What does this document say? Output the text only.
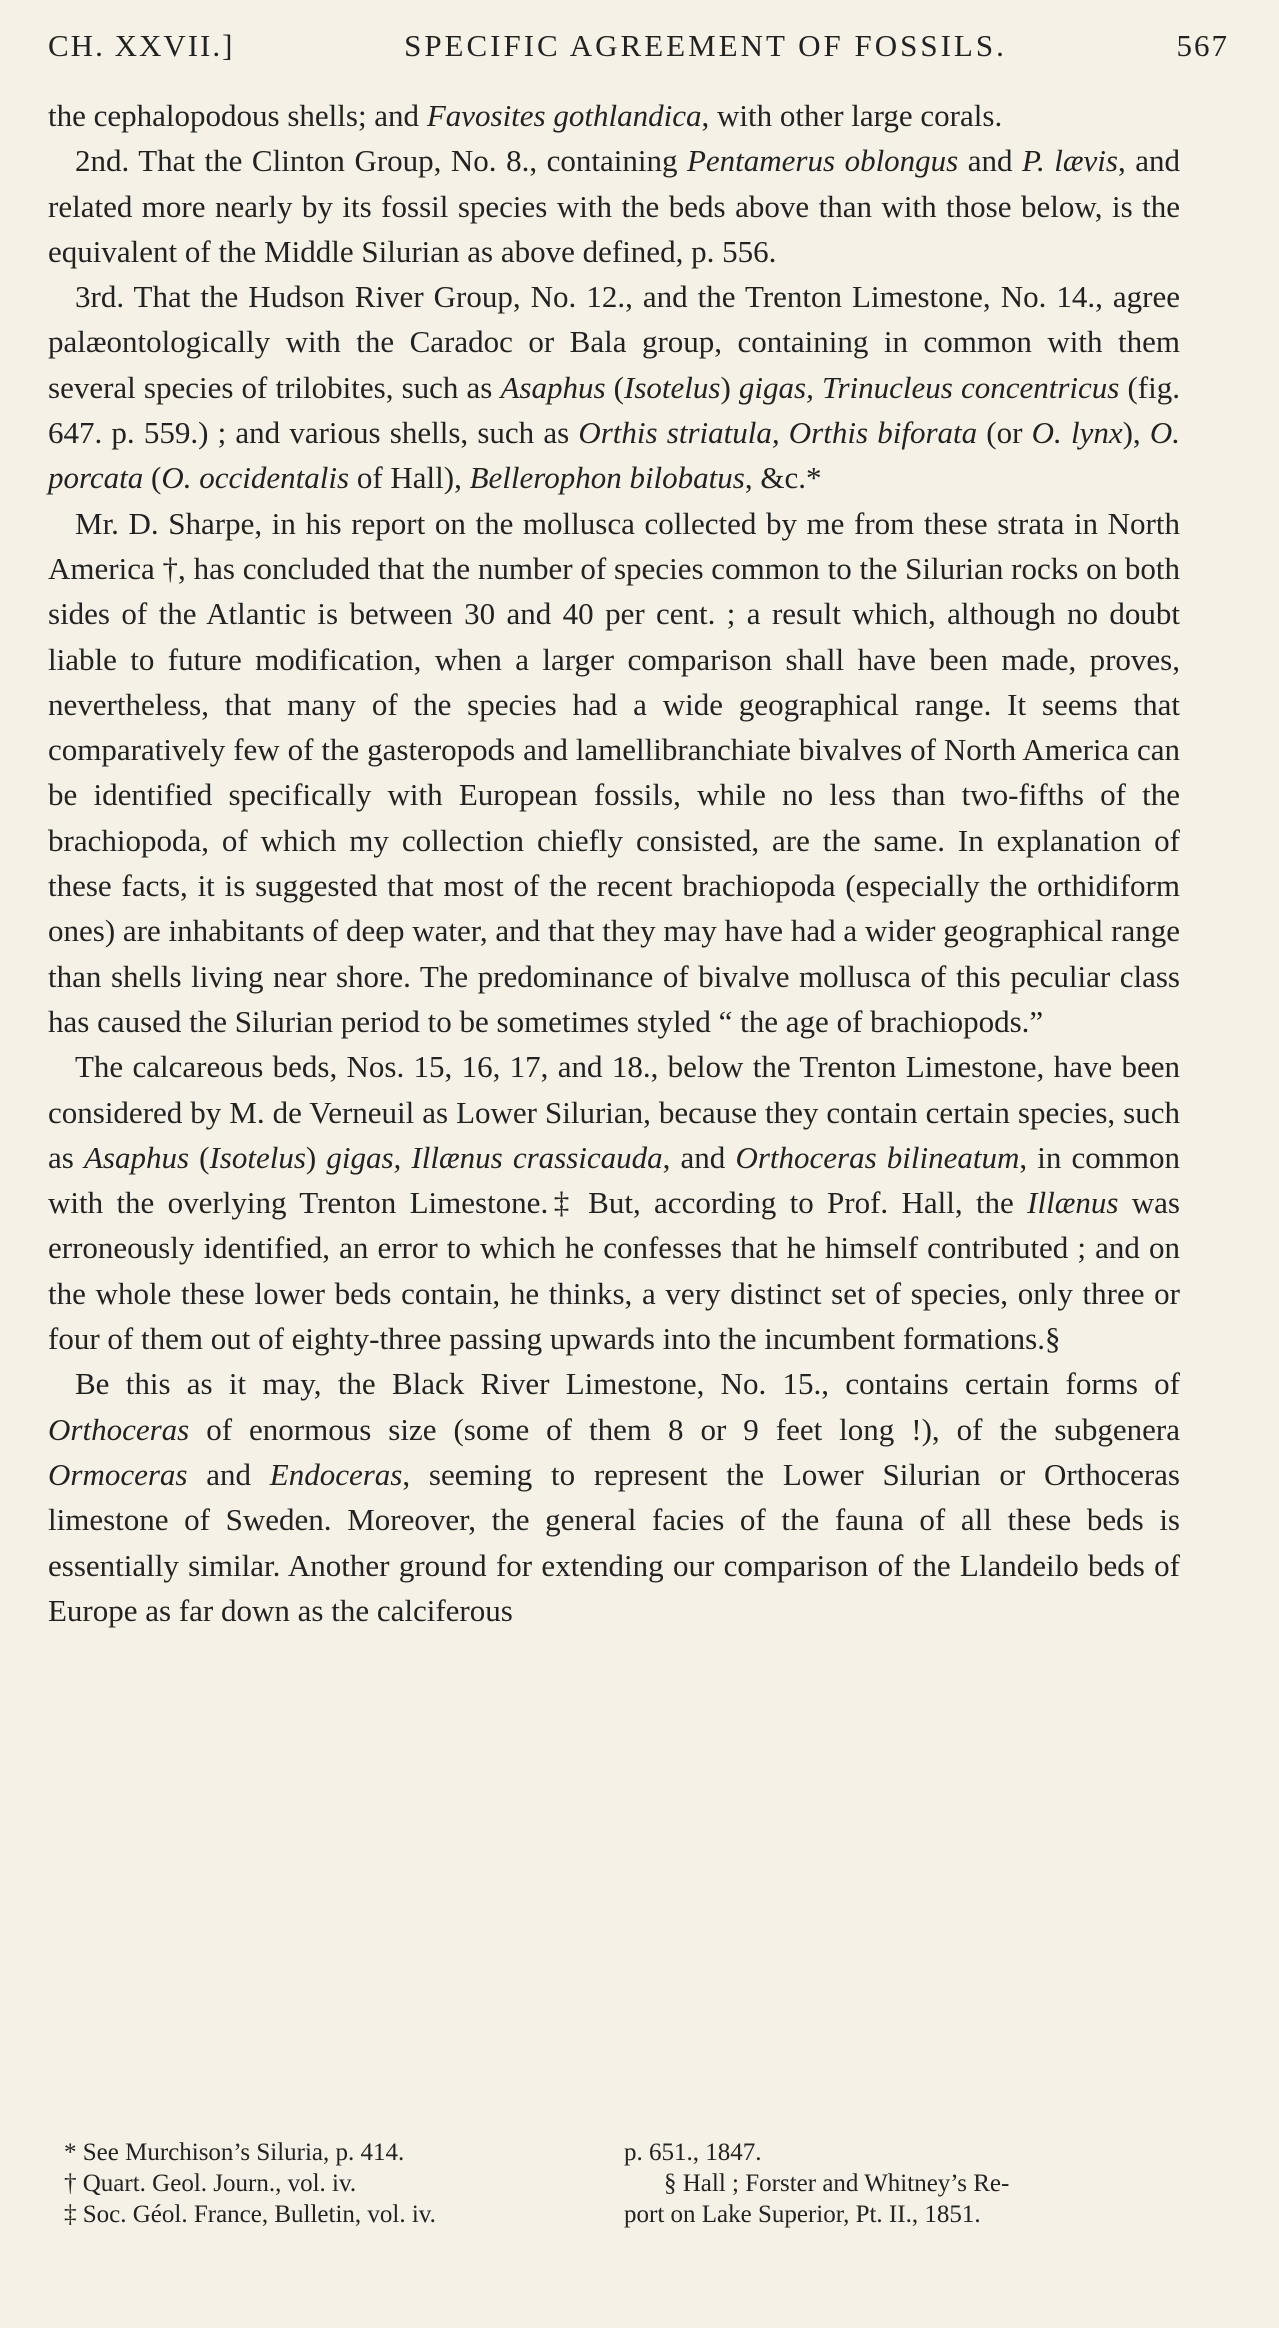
CH. XXVII.]	SPECIFIC AGREEMENT OF FOSSILS.	567

the cephalopodous shells; and Favosites gothlandica, with other large corals.

2nd. That the Clinton Group, No. 8., containing Pentamerus oblongus and P. lævis, and related more nearly by its fossil species with the beds above than with those below, is the equivalent of the Middle Silurian as above defined, p. 556.

3rd. That the Hudson River Group, No. 12., and the Trenton Limestone, No. 14., agree palæontologically with the Caradoc or Bala group, containing in common with them several species of trilobites, such as Asaphus (Isotelus) gigas, Trinucleus concentricus (fig. 647. p. 559.) ; and various shells, such as Orthis striatula, Orthis biforata (or O. lynx), O. porcata (O. occidentalis of Hall), Bellerophon bilobatus, &c.*

Mr. D. Sharpe, in his report on the mollusca collected by me from these strata in North America †, has concluded that the number of species common to the Silurian rocks on both sides of the Atlantic is between 30 and 40 per cent. ; a result which, although no doubt liable to future modification, when a larger comparison shall have been made, proves, nevertheless, that many of the species had a wide geographical range. It seems that comparatively few of the gasteropods and lamellibranchiate bivalves of North America can be identified specifically with European fossils, while no less than two-fifths of the brachiopoda, of which my collection chiefly consisted, are the same. In explanation of these facts, it is suggested that most of the recent brachiopoda (especially the orthidiform ones) are inhabitants of deep water, and that they may have had a wider geographical range than shells living near shore. The predominance of bivalve mollusca of this peculiar class has caused the Silurian period to be sometimes styled “ the age of brachiopods.”

The calcareous beds, Nos. 15, 16, 17, and 18., below the Trenton Limestone, have been considered by M. de Verneuil as Lower Silurian, because they contain certain species, such as Asaphus (Isotelus) gigas, Illænus crassicauda, and Orthoceras bilineatum, in common with the overlying Trenton Limestone.‡ But, according to Prof. Hall, the Illænus was erroneously identified, an error to which he confesses that he himself contributed ; and on the whole these lower beds contain, he thinks, a very distinct set of species, only three or four of them out of eighty-three passing upwards into the incumbent formations.§

Be this as it may, the Black River Limestone, No. 15., contains certain forms of Orthoceras of enormous size (some of them 8 or 9 feet long !), of the subgenera Ormoceras and Endoceras, seeming to represent the Lower Silurian or Orthoceras limestone of Sweden. Moreover, the general facies of the fauna of all these beds is essentially similar. Another ground for extending our comparison of the Llandeilo beds of Europe as far down as the calciferous

* See Murchison’s Siluria, p. 414.
† Quart. Geol. Journ., vol. iv.
‡ Soc. Géol. France, Bulletin, vol. iv.
p. 651., 1847.
§ Hall ; Forster and Whitney’s Re-
port on Lake Superior, Pt. II., 1851.
